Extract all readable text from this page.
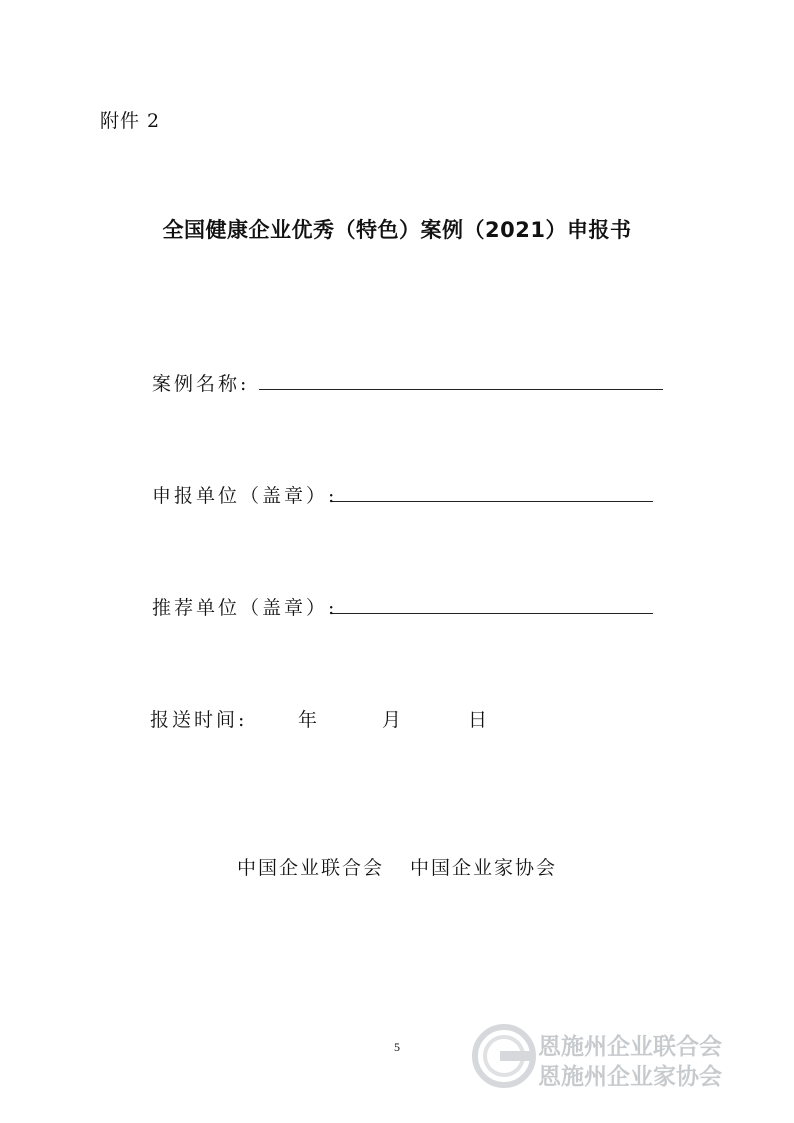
附件 2
全国健康企业优秀（特色）案例（2021）申报书
案例名称:
申报单位（盖章）:
推荐单位（盖章）:
报送时间:	年	月	日
中国企业联合会 中国企业家协会
5	恩施州企业联合会
恩施州企业家协会
